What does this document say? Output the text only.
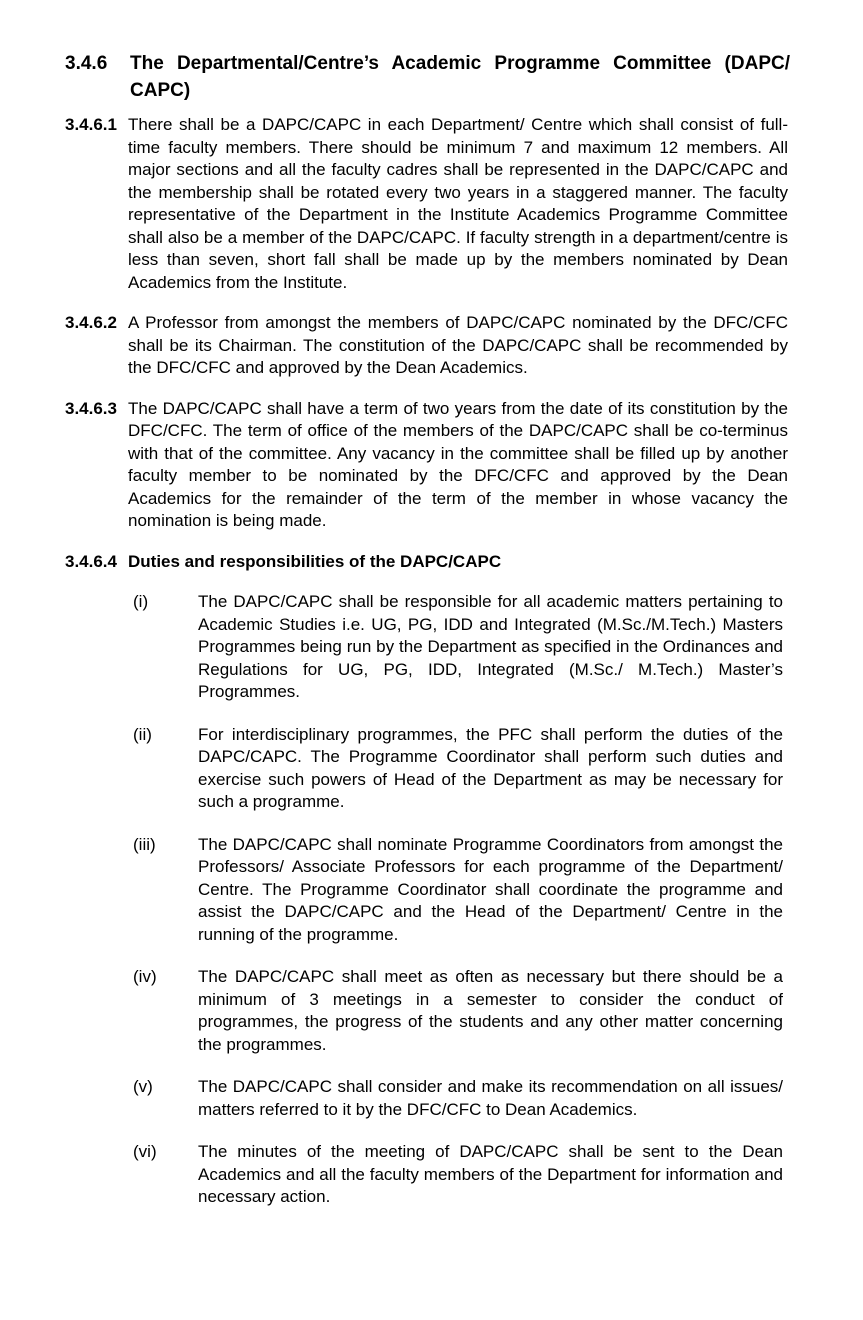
3.4.6	The Departmental/Centre’s Academic Programme Committee (DAPC/ CAPC)
3.4.6.1 There shall be a DAPC/CAPC in each Department/ Centre which shall consist of full-time faculty members. There should be minimum 7 and maximum 12 members. All major sections and all the faculty cadres shall be represented in the DAPC/CAPC and the membership shall be rotated every two years in a staggered manner. The faculty representative of the Department in the Institute Academics Programme Committee shall also be a member of the DAPC/CAPC. If faculty strength in a department/centre is less than seven, short fall shall be made up by the members nominated by Dean Academics from the Institute.
3.4.6.2 A Professor from amongst the members of DAPC/CAPC nominated by the DFC/CFC shall be its Chairman. The constitution of the DAPC/CAPC shall be recommended by the DFC/CFC and approved by the Dean Academics.
3.4.6.3 The DAPC/CAPC shall have a term of two years from the date of its constitution by the DFC/CFC. The term of office of the members of the DAPC/CAPC shall be co-terminus with that of the committee. Any vacancy in the committee shall be filled up by another faculty member to be nominated by the DFC/CFC and approved by the Dean Academics for the remainder of the term of the member in whose vacancy the nomination is being made.
3.4.6.4 Duties and responsibilities of the DAPC/CAPC
(i)	The DAPC/CAPC shall be responsible for all academic matters pertaining to Academic Studies i.e. UG, PG, IDD and Integrated (M.Sc./M.Tech.) Masters Programmes being run by the Department as specified in the Ordinances and Regulations for UG, PG, IDD, Integrated (M.Sc./ M.Tech.) Master’s Programmes.
(ii)	For interdisciplinary programmes, the PFC shall perform the duties of the DAPC/CAPC. The Programme Coordinator shall perform such duties and exercise such powers of Head of the Department as may be necessary for such a programme.
(iii)	The DAPC/CAPC shall nominate Programme Coordinators from amongst the Professors/ Associate Professors for each programme of the Department/ Centre. The Programme Coordinator shall coordinate the programme and assist the DAPC/CAPC and the Head of the Department/ Centre in the running of the programme.
(iv)	The DAPC/CAPC shall meet as often as necessary but there should be a minimum of 3 meetings in a semester to consider the conduct of programmes, the progress of the students and any other matter concerning the programmes.
(v)	The DAPC/CAPC shall consider and make its recommendation on all issues/ matters referred to it by the DFC/CFC to Dean Academics.
(vi)	The minutes of the meeting of DAPC/CAPC shall be sent to the Dean Academics and all the faculty members of the Department for information and necessary action.
